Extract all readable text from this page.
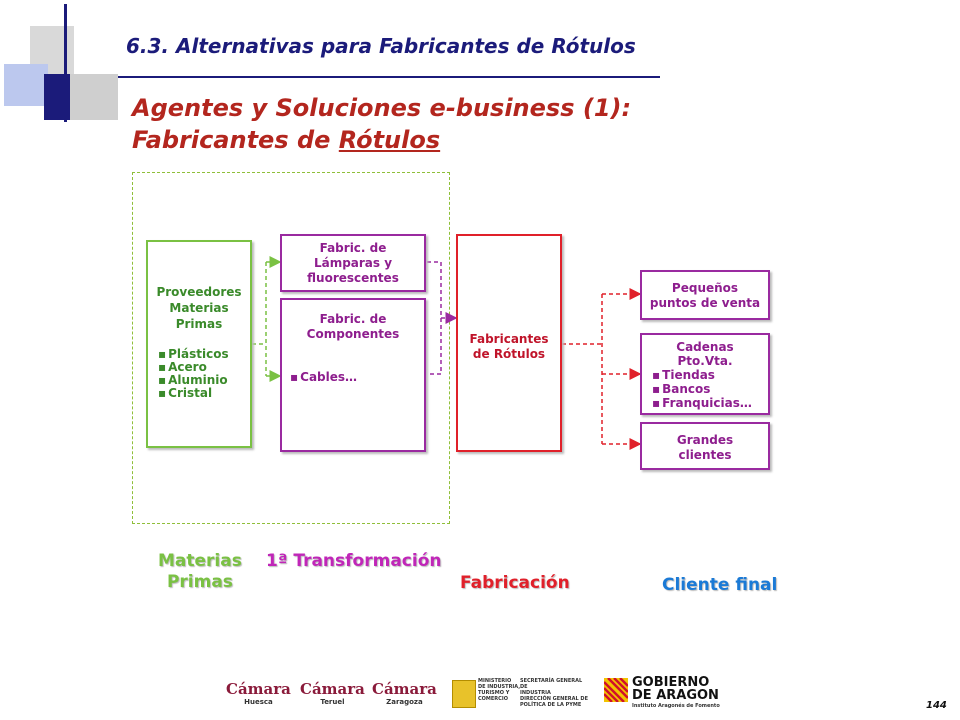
6.3. Alternativas para Fabricantes de Rótulos
Agentes y Soluciones e-business (1):
Fabricantes de Rótulos
Proveedores
Materias
Primas
▪ Plásticos
▪ Acero
▪ Aluminio
▪ Cristal
Fabric. de
Lámparas y
fluorescentes
Fabric. de
Componentes
▪ Cables…
Fabricantes
de Rótulos
Pequeños
puntos de venta
Cadenas
Pto.Vta.
▪ Tiendas
▪ Bancos
▪ Franquicias…
Grandes
clientes
Materias
Primas
1ª Transformación
Fabricación	Cliente final
Cámara
Huesca
Cámara
Teruel
Cámara
Zaragoza
MINISTERIO
DE INDUSTRIA,
TURISMO Y
COMERCIO
SECRETARÍA GENERAL DE
INDUSTRIA
DIRECCIÓN GENERAL DE
POLÍTICA DE LA PYME
GOBIERNO
DE ARAGON
Instituto Aragonés de Fomento	144
